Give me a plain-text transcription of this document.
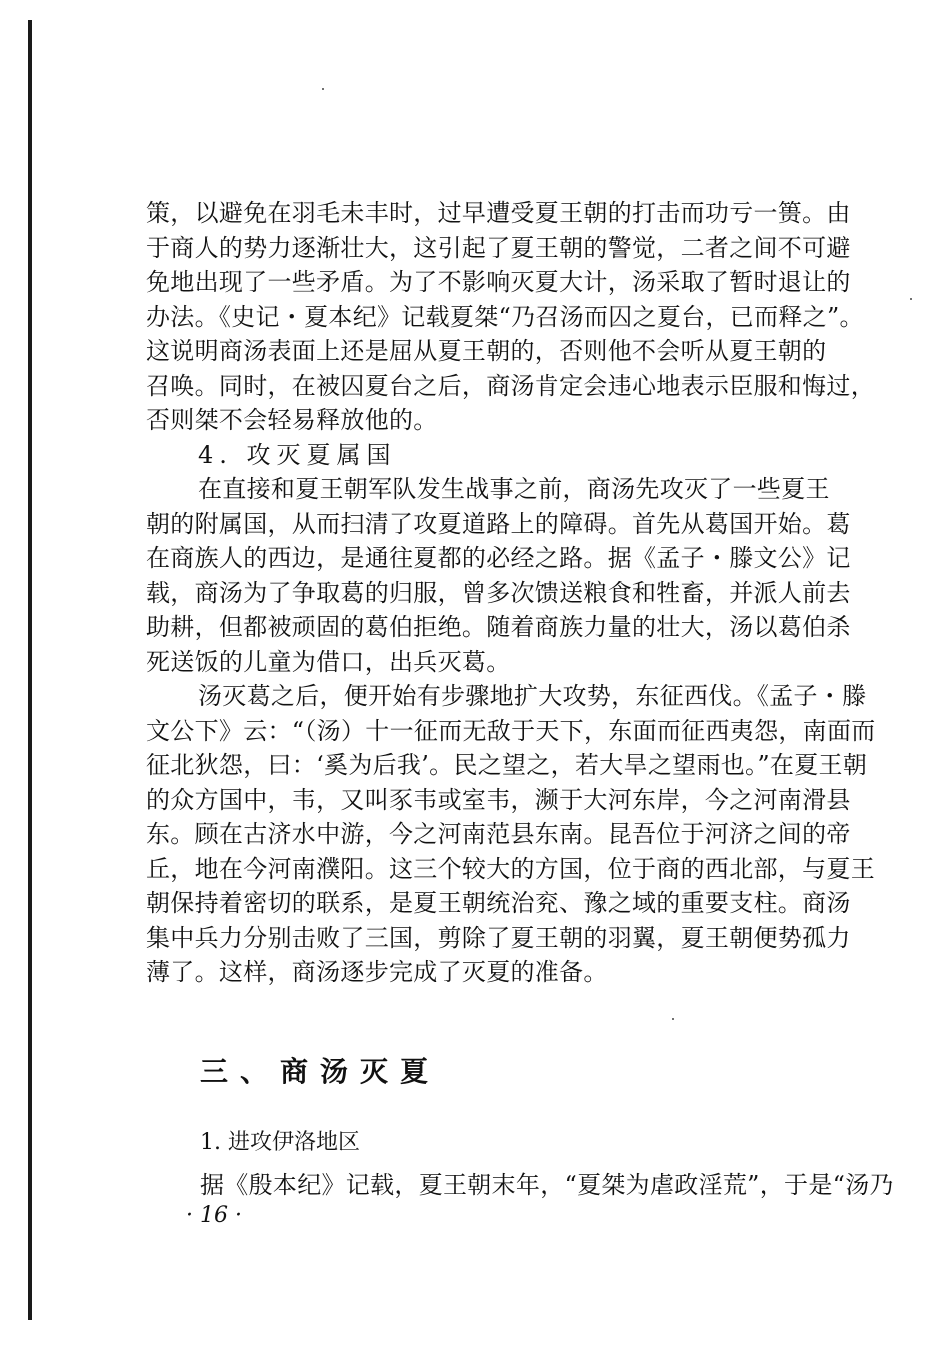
策，以避免在羽毛未丰时，过早遭受夏王朝的打击而功亏一篑。由
于商人的势力逐渐壮大，这引起了夏王朝的警觉，二者之间不可避
免地出现了一些矛盾。为了不影响灭夏大计，汤采取了暂时退让的
办法。《史记・夏本纪》记载夏桀“乃召汤而囚之夏台，已而释之”。
这说明商汤表面上还是屈从夏王朝的，否则他不会听从夏王朝的
召唤。同时，在被囚夏台之后，商汤肯定会违心地表示臣服和悔过，
否则桀不会轻易释放他的。
4. 攻灭夏属国
在直接和夏王朝军队发生战事之前，商汤先攻灭了一些夏王
朝的附属国，从而扫清了攻夏道路上的障碍。首先从葛国开始。葛
在商族人的西边，是通往夏都的必经之路。据《孟子・滕文公》记
载，商汤为了争取葛的归服，曾多次馈送粮食和牲畜，并派人前去
助耕，但都被顽固的葛伯拒绝。随着商族力量的壮大，汤以葛伯杀
死送饭的儿童为借口，出兵灭葛。
汤灭葛之后，便开始有步骤地扩大攻势，东征西伐。《孟子・滕
文公下》云：“（汤）十一征而无敌于天下，东面而征西夷怨，南面而
征北狄怨，曰：‘奚为后我’。民之望之，若大旱之望雨也。”在夏王朝
的众方国中，韦，又叫豕韦或室韦，濒于大河东岸，今之河南滑县
东。顾在古济水中游，今之河南范县东南。昆吾位于河济之间的帝
丘，地在今河南濮阳。这三个较大的方国，位于商的西北部，与夏王
朝保持着密切的联系，是夏王朝统治兖、豫之域的重要支柱。商汤
集中兵力分别击败了三国，剪除了夏王朝的羽翼，夏王朝便势孤力
薄了。这样，商汤逐步完成了灭夏的准备。
三、商汤灭夏
1. 进攻伊洛地区
据《殷本纪》记载，夏王朝末年，“夏桀为虐政淫荒”，于是“汤乃
· 16 ·
